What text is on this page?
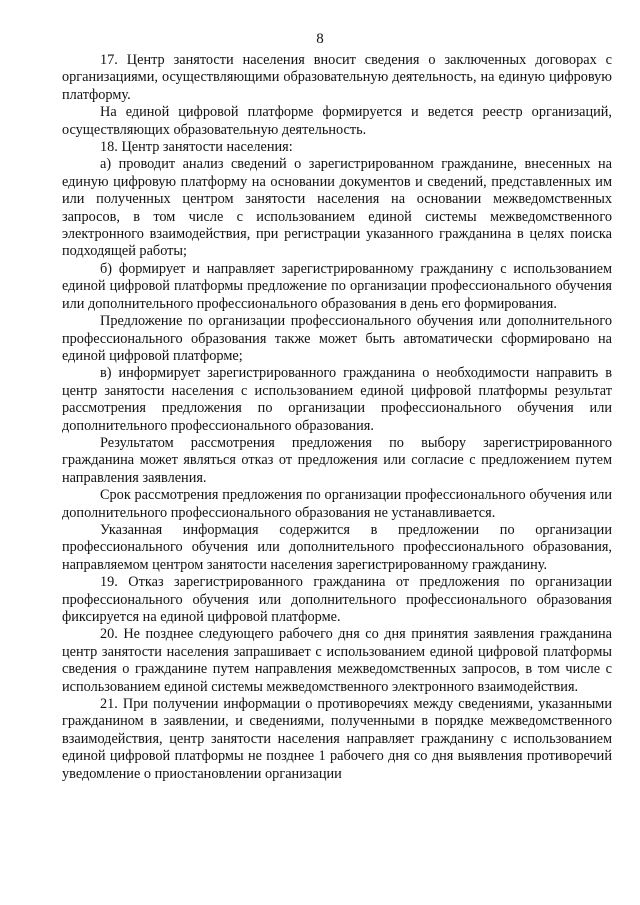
8

17. Центр занятости населения вносит сведения о заключенных договорах с организациями, осуществляющими образовательную деятельность, на единую цифровую платформу.

На единой цифровой платформе формируется и ведется реестр организаций, осуществляющих образовательную деятельность.

18. Центр занятости населения:

а) проводит анализ сведений о зарегистрированном гражданине, внесенных на единую цифровую платформу на основании документов и сведений, представленных им или полученных центром занятости населения на основании межведомственных запросов, в том числе с использованием единой системы межведомственного электронного взаимодействия, при регистрации указанного гражданина в целях поиска подходящей работы;

б) формирует и направляет зарегистрированному гражданину с использованием единой цифровой платформы предложение по организации профессионального обучения или дополнительного профессионального образования в день его формирования.

Предложение по организации профессионального обучения или дополнительного профессионального образования также может быть автоматически сформировано на единой цифровой платформе;

в) информирует зарегистрированного гражданина о необходимости направить в центр занятости населения с использованием единой цифровой платформы результат рассмотрения предложения по организации профессионального обучения или дополнительного профессионального образования.

Результатом рассмотрения предложения по выбору зарегистрированного гражданина может являться отказ от предложения или согласие с предложением путем направления заявления.

Срок рассмотрения предложения по организации профессионального обучения или дополнительного профессионального образования не устанавливается.

Указанная информация содержится в предложении по организации профессионального обучения или дополнительного профессионального образования, направляемом центром занятости населения зарегистрированному гражданину.

19. Отказ зарегистрированного гражданина от предложения по организации профессионального обучения или дополнительного профессионального образования фиксируется на единой цифровой платформе.

20. Не позднее следующего рабочего дня со дня принятия заявления гражданина центр занятости населения запрашивает с использованием единой цифровой платформы сведения о гражданине путем направления межведомственных запросов, в том числе с использованием единой системы межведомственного электронного взаимодействия.

21. При получении информации о противоречиях между сведениями, указанными гражданином в заявлении, и сведениями, полученными в порядке межведомственного взаимодействия, центр занятости населения направляет гражданину с использованием единой цифровой платформы не позднее 1 рабочего дня со дня выявления противоречий уведомление о приостановлении организации
